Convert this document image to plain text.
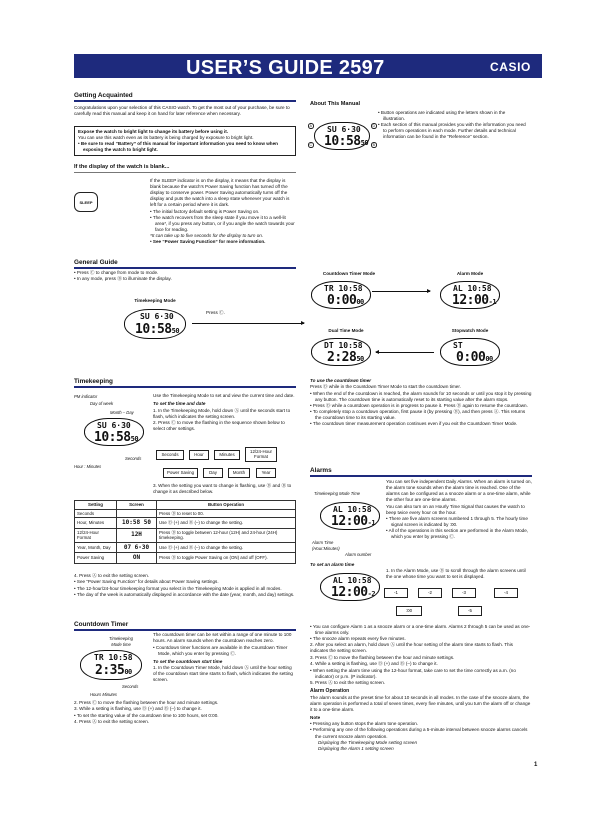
USER’S GUIDE 2597	CASIO
Getting Acquainted
Congratulations upon your selection of this CASIO watch. To get the most out of your purchase, be sure to carefully read this manual and keep it on hand for later reference when necessary.
Expose the watch to bright light to change its battery before using it.
You can use this watch even as its battery is being charged by exposure to bright light.
• Be sure to read “Battery” of this manual for important information you need to know when exposing the watch to bright light.
If the display of the watch is blank...
SLEEP

If the SLEEP indicator is on the display, it means that the display is blank because the watch's Power Saving function has turned off the display to conserve power. Power Saving automatically turns off the display and puts the watch into a sleep state whenever your watch is left for a certain period where it is dark.

• The initial factory default setting is Power Saving on.
• The watch recovers from the sleep state if you move it to a well-lit area*, if you press any button, or if you angle the watch towards your face for reading.

*It can take up to five seconds for the display to turn on.

• See “Power Saving Function” for more information.

About This Manual
SU 6·30
10:5850
A
C
D
B
• Button operations are indicated using the letters shown in the illustration.
• Each section of this manual provides you with the information you need to perform operations in each mode. Further details and technical information can be found in the “Reference” section.
General Guide
• Press Ⓒ to change from mode to mode.
• In any mode, press Ⓑ to illuminate the display.
Timekeeping Mode
SU 6·30
10:5850
Press Ⓒ.
Countdown Timer Mode
TR 10:58
0:0000
Alarm Mode
AL 10:58
12:00-1
Dual Time Mode
DT 10:58
2:2850
Stopwatch Mode
ST
0:0000
Timekeeping
PM indicator
Day of week
Month – Day
SU 6·30
10:5850
Seconds
Hour : Minutes

Use the Timekeeping Mode to set and view the current time and date.

To set the time and date

1. In the Timekeeping Mode, hold down Ⓐ until the seconds start to flash, which indicates the setting screen.

2. Press Ⓒ to move the flashing in the sequence shown below to select other settings.

Seconds	Hour	Minutes
12/24-Hour Format
Year
Month
Day
Power Saving
3. When the setting you want to change is flashing, use Ⓓ and Ⓑ to change it as described below.
Setting	Screen	Button Operation
Seconds		Press Ⓓ to reset to 00.
Hour, Minutes	10:58 50	Use Ⓓ (+) and Ⓑ (–) to change the setting.
12/24-Hour Format	12H	Press Ⓓ to toggle between 12-hour (12H) and 24-hour (24H) timekeeping.
Year, Month, Day	07 6-30	Use Ⓓ (+) and Ⓑ (–) to change the setting.
Power Saving	ON	Press Ⓓ to toggle Power Saving on (ON) and off (OFF).

4. Press Ⓐ to exit the setting screen.

• See “Power Saving Function” for details about Power Saving settings.
• The 12-hour/24-hour timekeeping format you select in the Timekeeping Mode is applied in all modes.
• The day of the week is automatically displayed in accordance with the date (year, month, and day) settings.
Countdown Timer
Timekeeping Mode time
TR 10:58
2:3500
Seconds
Hours Minutes

The countdown timer can be set within a range of one minute to 100 hours. An alarm sounds when the countdown reaches zero.

• Countdown timer functions are available in the Countdown Timer Mode, which you enter by pressing Ⓒ.

To set the countdown start time

1. In the Countdown Timer Mode, hold down Ⓐ until the hour setting of the countdown start time starts to flash, which indicates the setting screen.

2. Press Ⓒ to move the flashing between the hour and minute settings.

3. While a setting is flashing, use Ⓓ (+) and Ⓑ (–) to change it.

• To set the starting value of the countdown time to 100 hours, set 0:00.

4. Press Ⓐ to exit the setting screen.

To use the countdown timer

Press Ⓓ while in the Countdown Timer Mode to start the countdown timer.

• When the end of the countdown is reached, the alarm sounds for 10 seconds or until you stop it by pressing any button. The countdown time is automatically reset to its starting value after the alarm stops.
• Press Ⓓ while a countdown operation is in progress to pause it. Press Ⓓ again to resume the countdown.
• To completely stop a countdown operation, first pause it (by pressing Ⓓ), and then press Ⓐ. This returns the countdown time to its starting value.
• The countdown timer measurement operation continues even if you exit the Countdown Timer Mode.
Alarms
Timekeeping Mode Time
AL 10:58
12:00-1
Alarm Time (Hour:Minutes)
Alarm number

You can set five independent Daily Alarms. When an alarm is turned on, the alarm tone sounds when the alarm time is reached. One of the alarms can be configured as a snooze alarm or a one-time alarm, while the other four are one-time alarms.

You can also turn on an Hourly Time Signal that causes the watch to beep twice every hour on the hour.

• There are five alarm screens numbered 1 through 5. The hourly time signal screen is indicated by :00.
• All of the operations in this section are performed in the Alarm Mode, which you enter by pressing Ⓒ.
To set an alarm time
AL 10:58
12:00-2
1. In the Alarm Mode, use Ⓓ to scroll through the alarm screens until the one whose time you want to set is displayed.
-1	-2	-3	-4
:00	-5
• You can configure Alarm 1 as a snooze alarm or a one-time alarm. Alarms 2 through 5 can be used as one-time alarms only.
• The snooze alarm repeats every five minutes.

2. After you select an alarm, hold down Ⓐ until the hour setting of the alarm time starts to flash. This indicates the setting screen.

3. Press Ⓒ to move the flashing between the hour and minute settings.

4. While a setting is flashing, use Ⓓ (+) and Ⓑ (–) to change it.

• When setting the alarm time using the 12-hour format, take care to set the time correctly as a.m. (no indicator) or p.m. (P indicator).

5. Press Ⓐ to exit the setting screen.

Alarm Operation

The alarm sounds at the preset time for about 10 seconds in all modes. In the case of the snooze alarm, the alarm operation is performed a total of seven times, every five minutes, until you turn the alarm off or change it to a one-time alarm.

Note

• Pressing any button stops the alarm tone operation.
• Performing any one of the following operations during a 5-minute interval between snooze alarms cancels the current snooze alarm operation.

Displaying the Timekeeping Mode setting screen

Displaying the Alarm 1 setting screen

1
